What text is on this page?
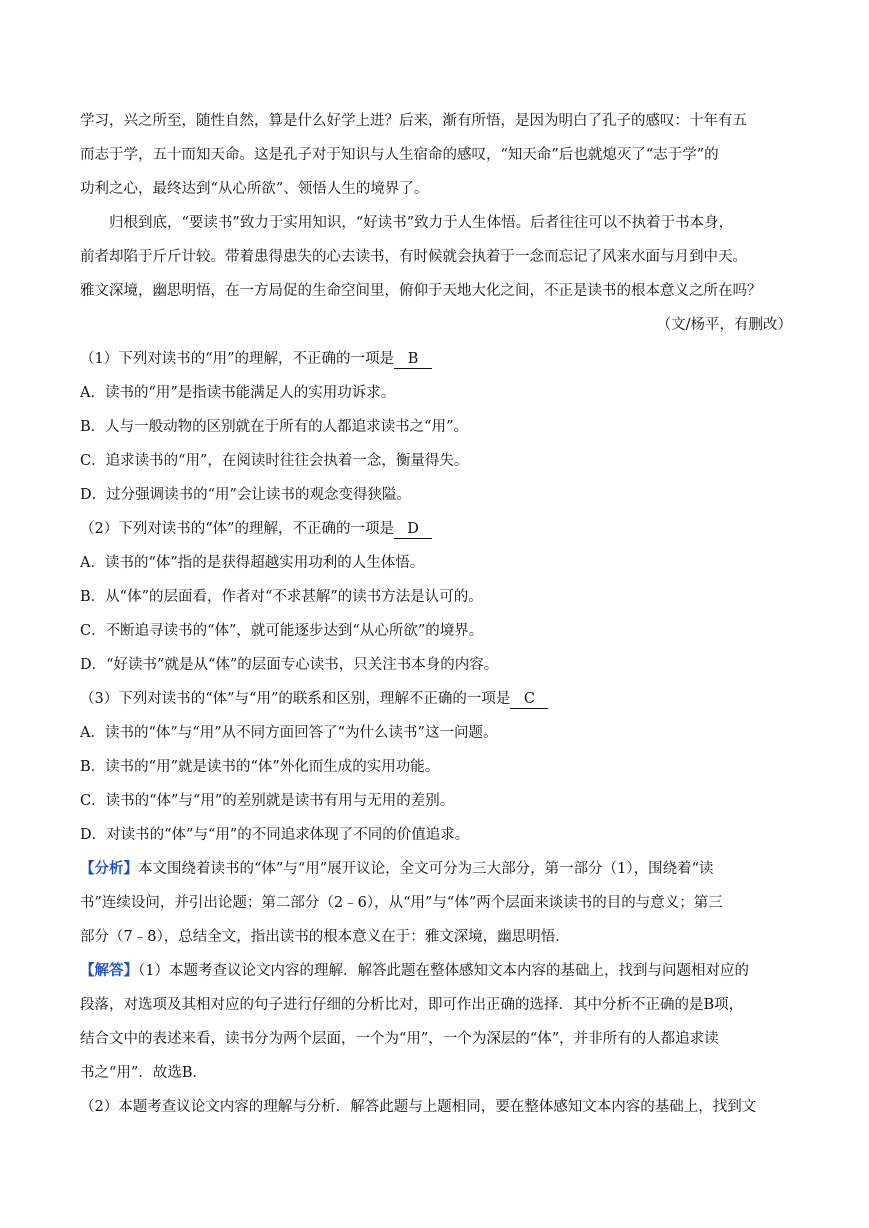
学习，兴之所至，随性自然，算是什么好学上进？后来，渐有所悟，是因为明白了孔子的感叹：十年有五
而志于学，五十而知天命。这是孔子对于知识与人生宿命的感叹，“知天命”后也就熄灭了“志于学”的
功利之心，最终达到“从心所欲”、领悟人生的境界了。
归根到底，“要读书”致力于实用知识，“好读书”致力于人生体悟。后者往往可以不执着于书本身，
前者却陷于斤斤计较。带着患得患失的心去读书，有时候就会执着于一念而忘记了风来水面与月到中天。
雅文深境，幽思明悟，在一方局促的生命空间里，俯仰于天地大化之间，不正是读书的根本意义之所在吗？
（文/杨平，有删改）
（1）下列对读书的“用”的理解，不正确的一项是 B
A．读书的“用”是指读书能满足人的实用功诉求。
B．人与一般动物的区别就在于所有的人都追求读书之“用”。
C．追求读书的“用”，在阅读时往往会执着一念，衡量得失。
D．过分强调读书的“用”会让读书的观念变得狭隘。
（2）下列对读书的“体”的理解，不正确的一项是 D
A．读书的“体”指的是获得超越实用功利的人生体悟。
B．从“体”的层面看，作者对“不求甚解”的读书方法是认可的。
C．不断追寻读书的“体”，就可能逐步达到“从心所欲”的境界。
D．“好读书”就是从“体”的层面专心读书，只关注书本身的内容。
（3）下列对读书的“体”与“用”的联系和区别，理解不正确的一项是 C
A．读书的“体”与“用”从不同方面回答了“为什么读书”这一问题。
B．读书的“用”就是读书的“体”外化而生成的实用功能。
C．读书的“体”与“用”的差别就是读书有用与无用的差别。
D．对读书的“体”与“用”的不同追求体现了不同的价值追求。
【分析】本文围绕着读书的“体”与“用”展开议论，全文可分为三大部分，第一部分（1），围绕着“读
书”连续设问，并引出论题；第二部分（2﹣6），从“用”与“体”两个层面来谈读书的目的与意义；第三
部分（7﹣8），总结全文，指出读书的根本意义在于：雅文深境，幽思明悟．
【解答】（1）本题考查议论文内容的理解．解答此题在整体感知文本内容的基础上，找到与问题相对应的
段落，对选项及其相对应的句子进行仔细的分析比对，即可作出正确的选择．其中分析不正确的是B项，
结合文中的表述来看，读书分为两个层面，一个为“用”，一个为深层的“体”，并非所有的人都追求读
书之“用”．故选B．
（2）本题考查议论文内容的理解与分析．解答此题与上题相同，要在整体感知文本内容的基础上，找到文
